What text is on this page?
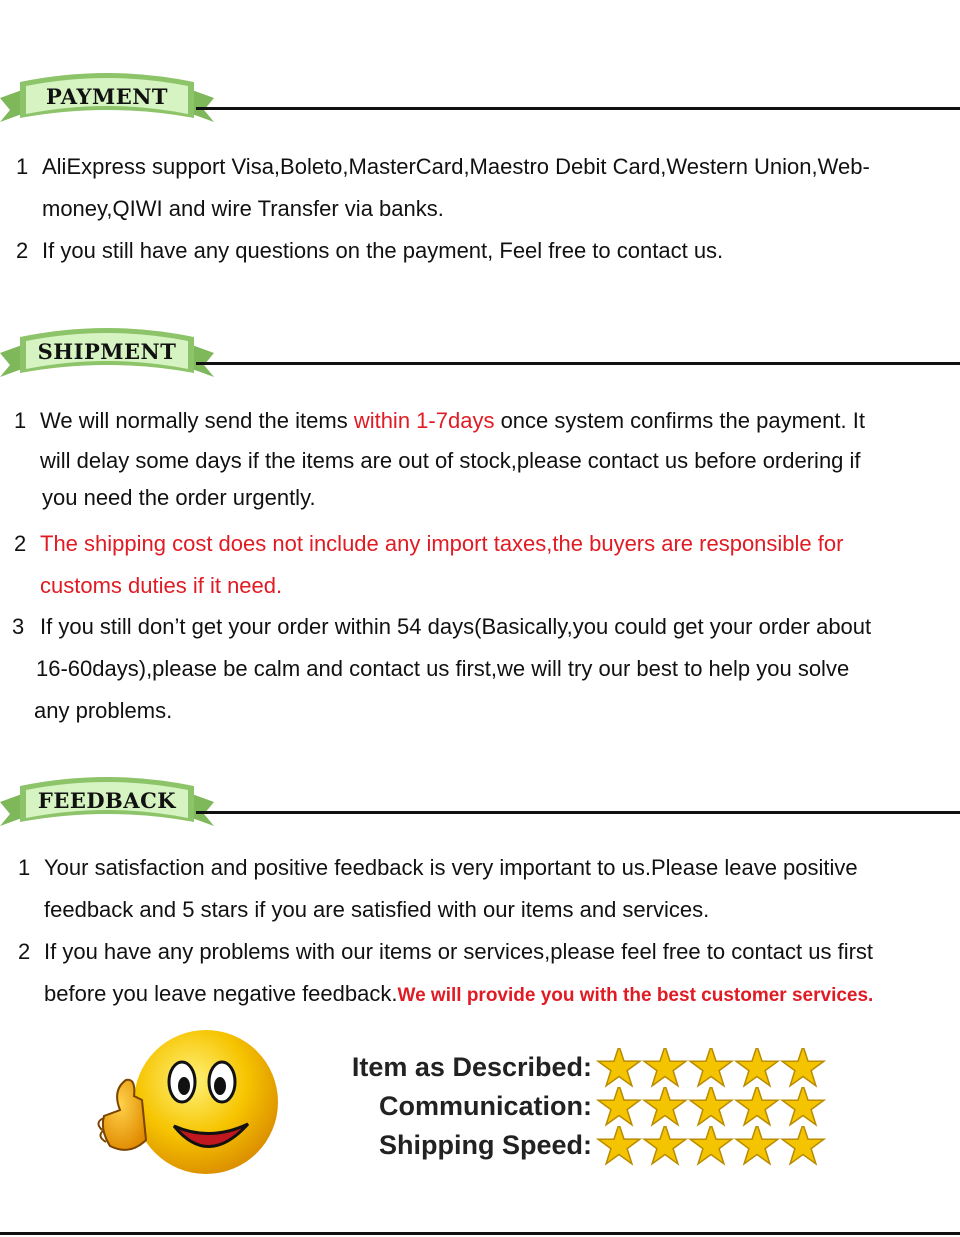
PAYMENT
1 AliExpress support Visa,Boleto,MasterCard,Maestro Debit Card,Western Union,Web-
money,QIWI and wire Transfer via banks.
2 If you still have any questions on the payment, Feel free to contact us.
SHIPMENT
1 We will normally send the items within 1-7days once system confirms the payment. It
will delay some days if the items are out of stock,please contact us before ordering if
you need the order urgently.
2 The shipping cost does not include any import taxes,the buyers are responsible for
customs duties if it need.
3 If you still don’t get your order within 54 days(Basically,you could get your order about
16-60days),please be calm and contact us first,we will try our best to help you solve
any problems.
FEEDBACK
1 Your satisfaction and positive feedback is very important to us.Please leave positive
feedback and 5 stars if you are satisfied with our items and services.
2 If you have any problems with our items or services,please feel free to contact us first
before you leave negative feedback.We will provide you with the best customer services.
Item as Described:
Communication:
Shipping Speed:
